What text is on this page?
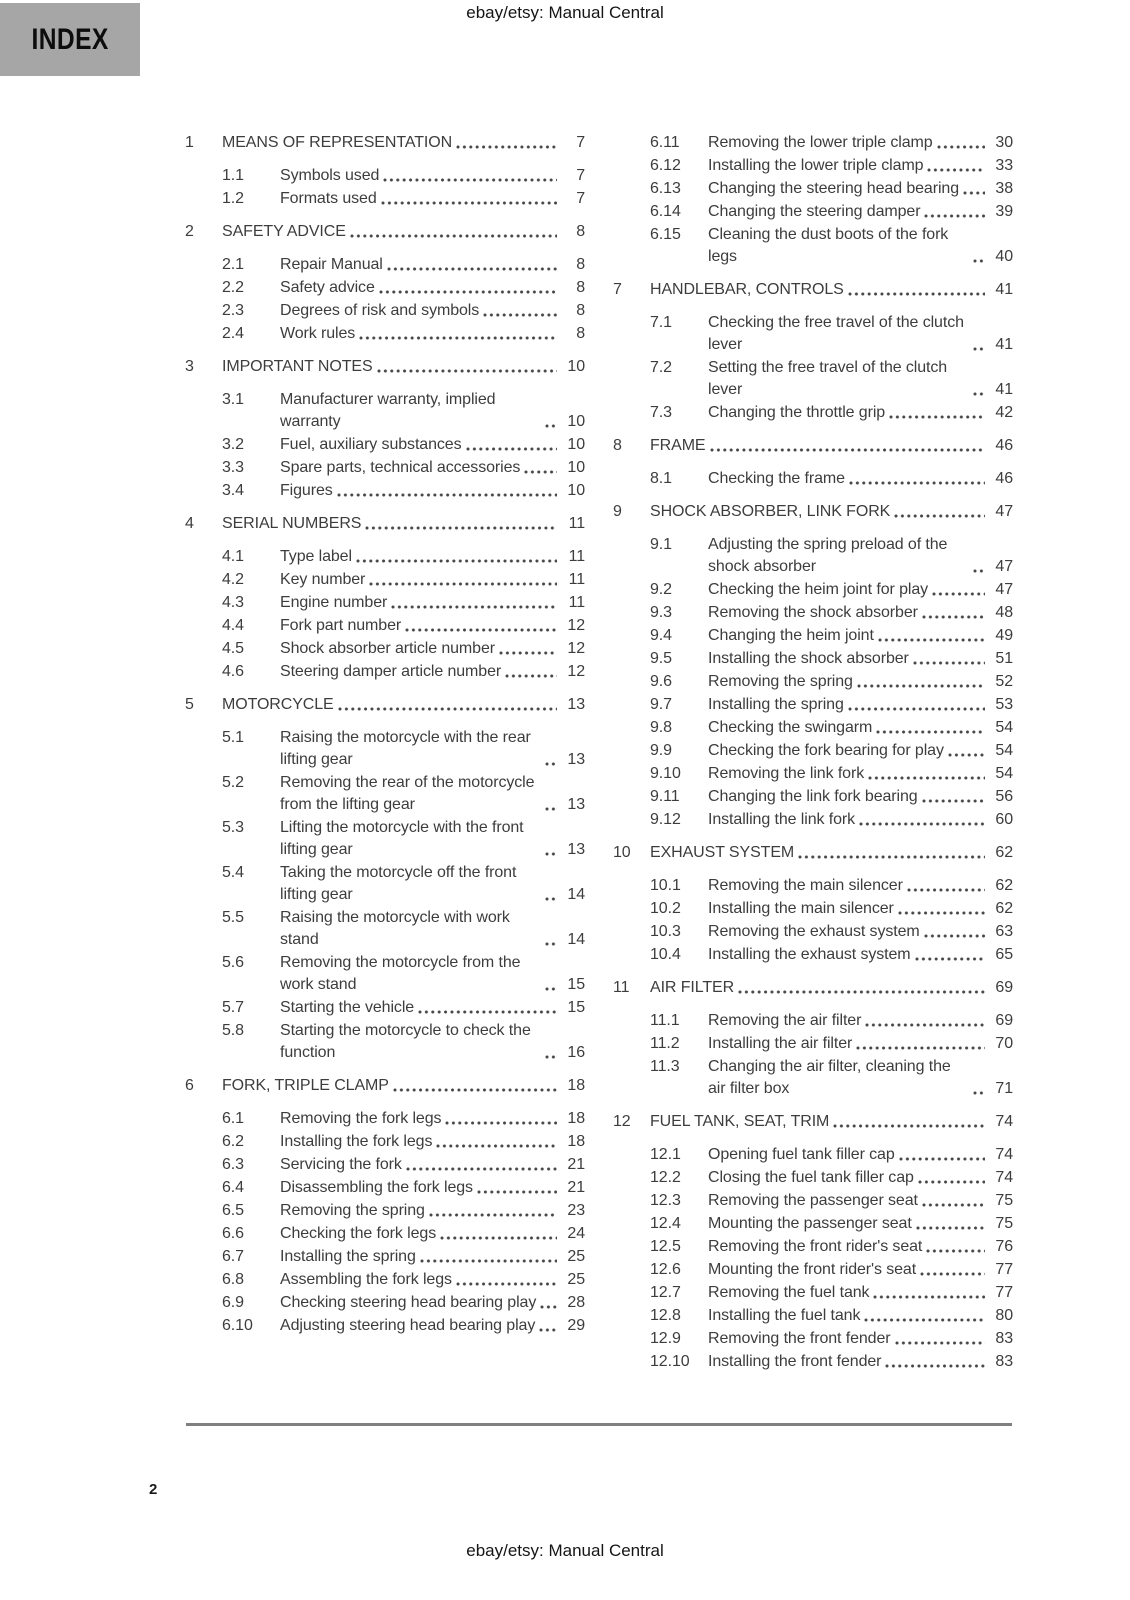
ebay/etsy: Manual Central
INDEX
1	MEANS OF REPRESENTATION	7
1.1	Symbols used	7
1.2	Formats used	7
2	SAFETY ADVICE	8
2.1	Repair Manual	8
2.2	Safety advice	8
2.3	Degrees of risk and symbols	8
2.4	Work rules	8
3	IMPORTANT NOTES	10
3.1	Manufacturer warranty, implied warranty	10
3.2	Fuel, auxiliary substances	10
3.3	Spare parts, technical accessories	10
3.4	Figures	10
4	SERIAL NUMBERS	11
4.1	Type label	11
4.2	Key number	11
4.3	Engine number	11
4.4	Fork part number	12
4.5	Shock absorber article number	12
4.6	Steering damper article number	12
5	MOTORCYCLE	13
5.1	Raising the motorcycle with the rear lifting gear	13
5.2	Removing the rear of the motorcycle from the lifting gear	13
5.3	Lifting the motorcycle with the front lifting gear	13
5.4	Taking the motorcycle off the front lifting gear	14
5.5	Raising the motorcycle with work stand	14
5.6	Removing the motorcycle from the work stand	15
5.7	Starting the vehicle	15
5.8	Starting the motorcycle to check the function	16
6	FORK, TRIPLE CLAMP	18
6.1	Removing the fork legs	18
6.2	Installing the fork legs	18
6.3	Servicing the fork	21
6.4	Disassembling the fork legs	21
6.5	Removing the spring	23
6.6	Checking the fork legs	24
6.7	Installing the spring	25
6.8	Assembling the fork legs	25
6.9	Checking steering head bearing play	28
6.10	Adjusting steering head bearing play	29
6.11	Removing the lower triple clamp	30
6.12	Installing the lower triple clamp	33
6.13	Changing the steering head bearing	38
6.14	Changing the steering damper	39
6.15	Cleaning the dust boots of the fork legs	40
7	HANDLEBAR, CONTROLS	41
7.1	Checking the free travel of the clutch lever	41
7.2	Setting the free travel of the clutch lever	41
7.3	Changing the throttle grip	42
8	FRAME	46
8.1	Checking the frame	46
9	SHOCK ABSORBER, LINK FORK	47
9.1	Adjusting the spring preload of the shock absorber	47
9.2	Checking the heim joint for play	47
9.3	Removing the shock absorber	48
9.4	Changing the heim joint	49
9.5	Installing the shock absorber	51
9.6	Removing the spring	52
9.7	Installing the spring	53
9.8	Checking the swingarm	54
9.9	Checking the fork bearing for play	54
9.10	Removing the link fork	54
9.11	Changing the link fork bearing	56
9.12	Installing the link fork	60
10	EXHAUST SYSTEM	62
10.1	Removing the main silencer	62
10.2	Installing the main silencer	62
10.3	Removing the exhaust system	63
10.4	Installing the exhaust system	65
11	AIR FILTER	69
11.1	Removing the air filter	69
11.2	Installing the air filter	70
11.3	Changing the air filter, cleaning the air filter box	71
12	FUEL TANK, SEAT, TRIM	74
12.1	Opening fuel tank filler cap	74
12.2	Closing the fuel tank filler cap	74
12.3	Removing the passenger seat	75
12.4	Mounting the passenger seat	75
12.5	Removing the front rider's seat	76
12.6	Mounting the front rider's seat	77
12.7	Removing the fuel tank	77
12.8	Installing the fuel tank	80
12.9	Removing the front fender	83
12.10	Installing the front fender	83
2
ebay/etsy: Manual Central
